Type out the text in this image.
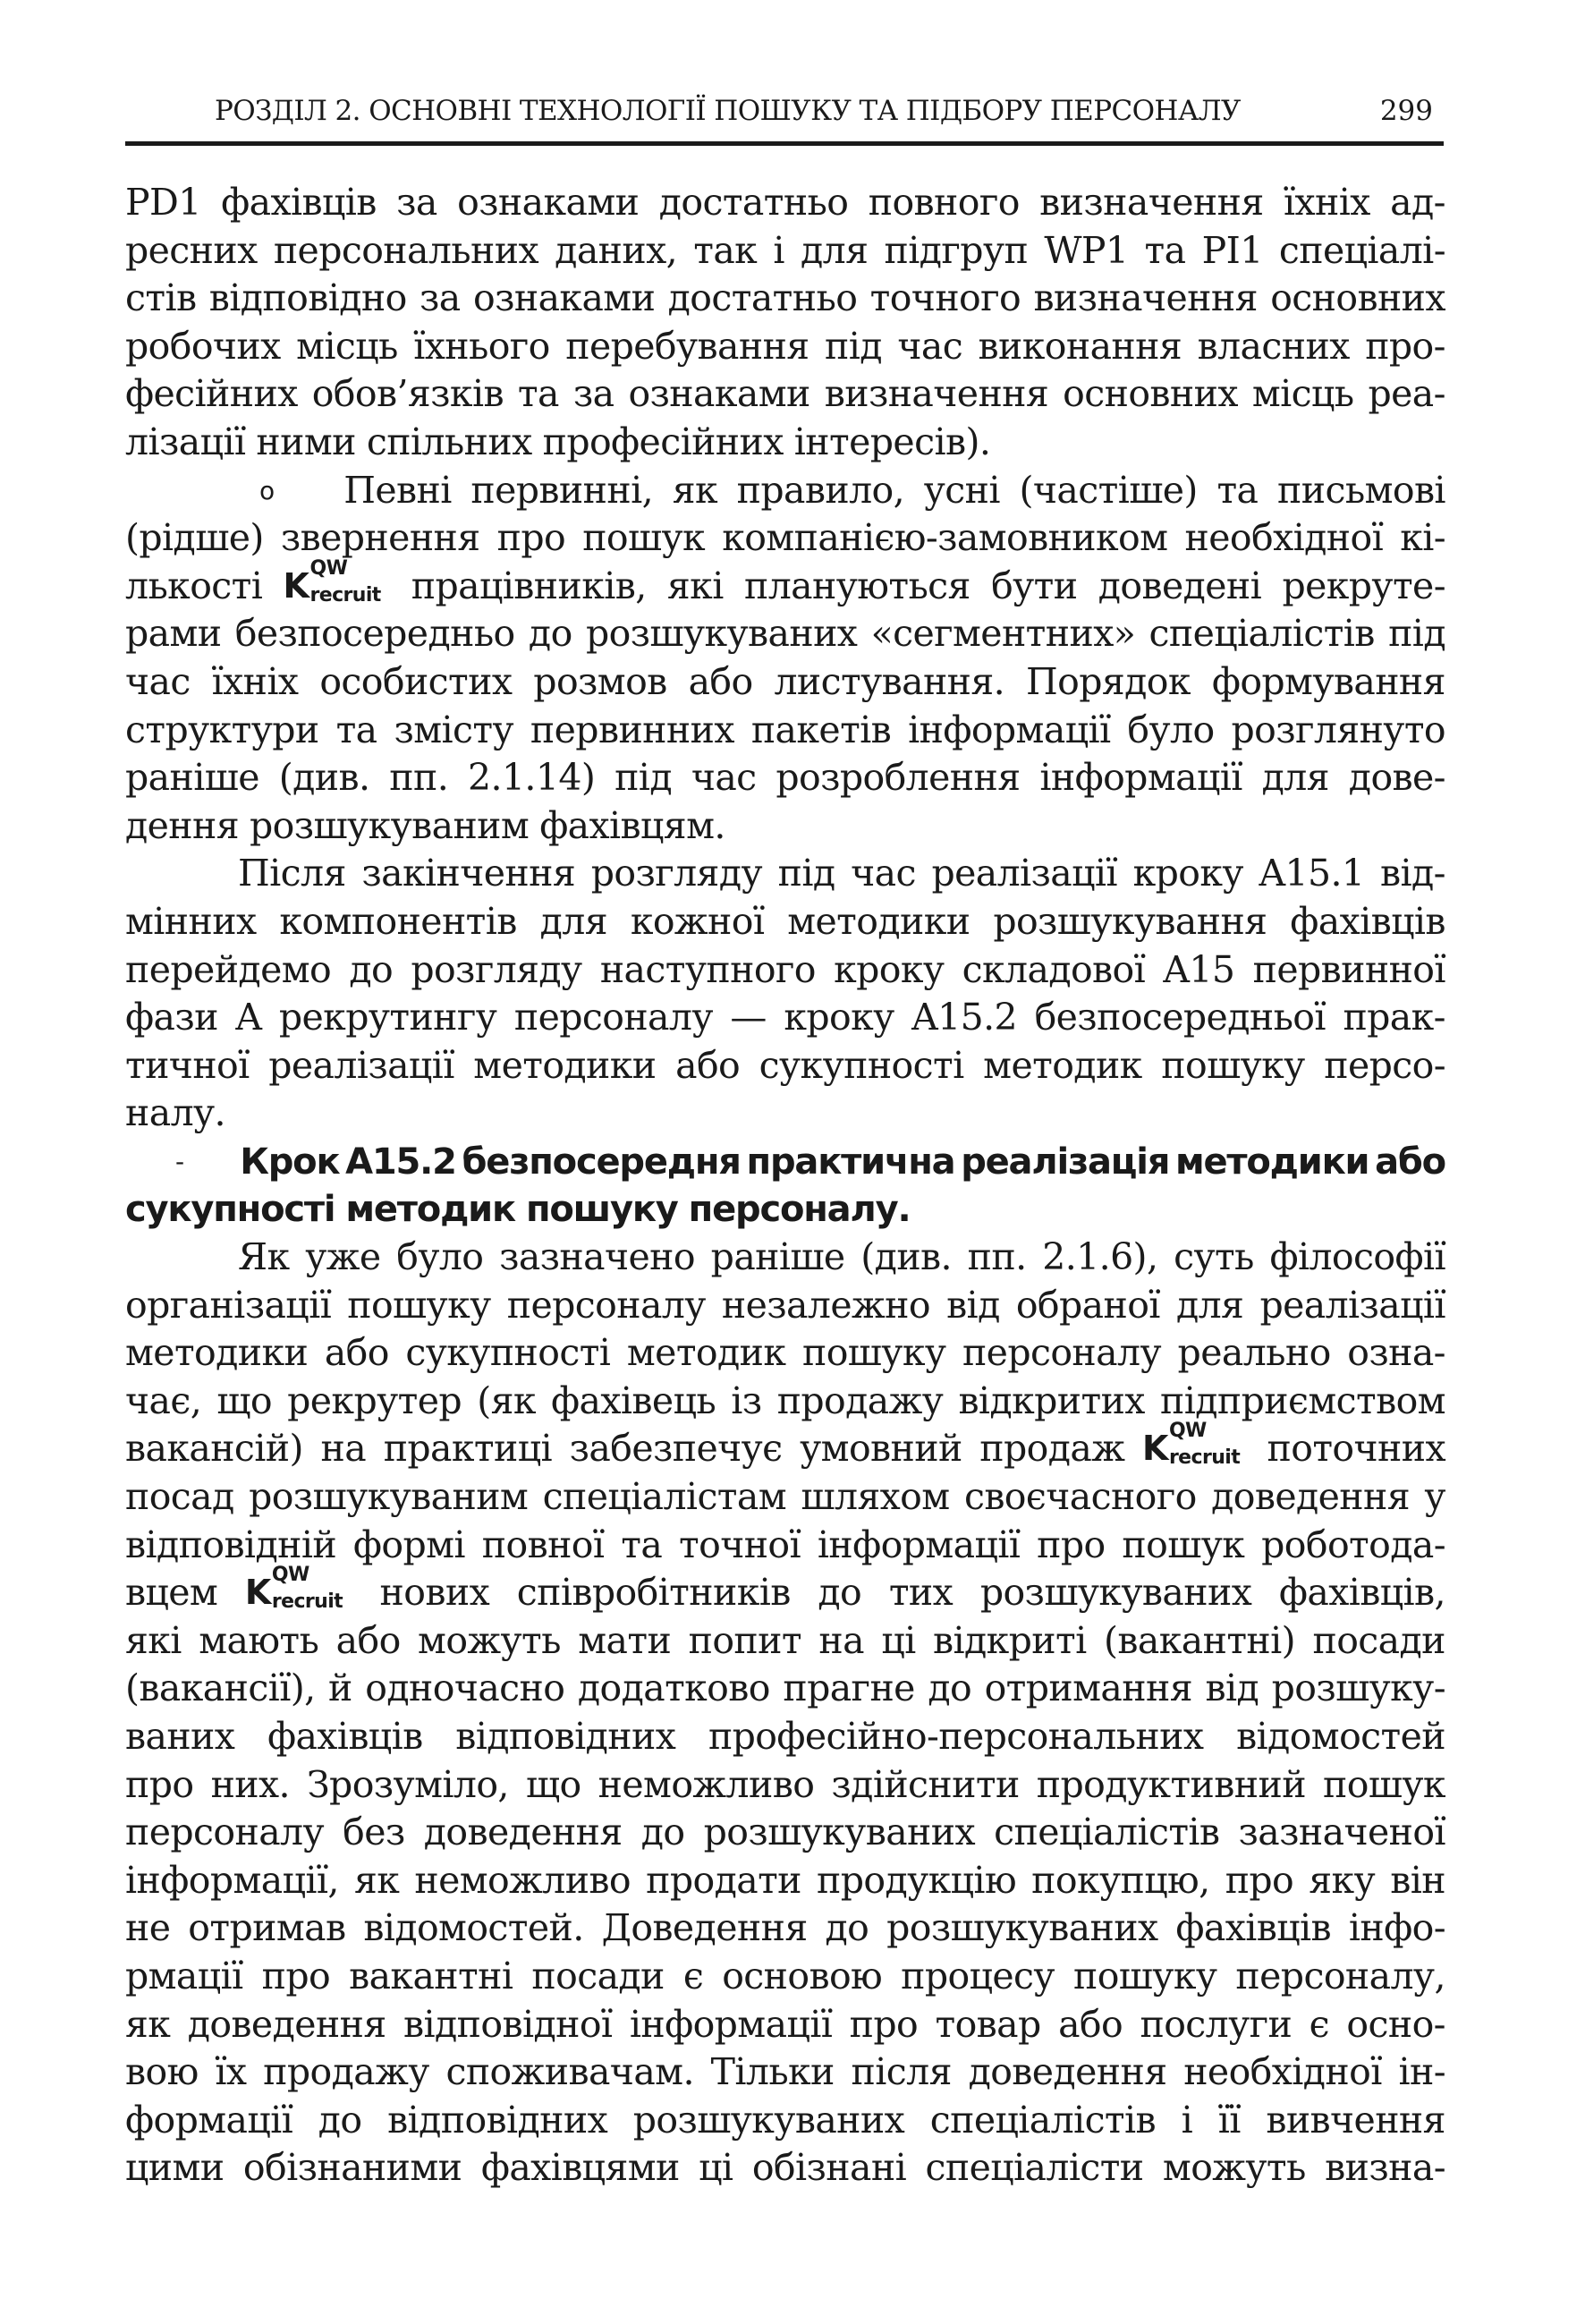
РОЗДІЛ 2. ОСНОВНІ ТЕХНОЛОГІЇ ПОШУКУ ТА ПІДБОРУ ПЕРСОНАЛУ	299
PD1 фахівців за ознаками достатньо повного визначення їхніх ад-
ресних персональних даних, так і для підгруп WP1 та PI1 спеціалі-
стів відповідно за ознаками достатньо точного визначення основних
робочих місць їхнього перебування під час виконання власних про-
фесійних обов’язків та за ознаками визначення основних місць реа-
лізації ними спільних професійних інтересів).
o Певні первинні, як правило, усні (частіше) та письмові
(рідше) звернення про пошук компанією-замовником необхідної кі-
лькості K QW
recruit працівників, які плануються бути доведені рекруте-
рами безпосередньо до розшукуваних «сегментних» спеціалістів під
час їхніх особистих розмов або листування. Порядок формування
структури та змісту первинних пакетів інформації було розглянуто
раніше (див. пп. 2.1.14) під час розроблення інформації для дове-
дення розшукуваним фахівцям.
Після закінчення розгляду під час реалізації кроку A15.1 від-
мінних компонентів для кожної методики розшукування фахівців
перейдемо до розгляду наступного кроку складової A15 первинної
фази A рекрутингу персоналу — кроку A15.2 безпосередньої прак-
тичної реалізації методики або сукупності методик пошуку персо-
налу.
- Крок A15.2 безпосередня практична реалізація методики або
сукупності методик пошуку персоналу.
Як уже було зазначено раніше (див. пп. 2.1.6), суть філософії
організації пошуку персоналу незалежно від обраної для реалізації
методики або сукупності методик пошуку персоналу реально озна-
чає, що рекрутер (як фахівець із продажу відкритих підприємством
вакансій) на практиці забезпечує умовний продаж K QW
recruit поточних
посад розшукуваним спеціалістам шляхом своєчасного доведення у
відповідній формі повної та точної інформації про пошук роботода-
вцем K QW
recruit нових співробітників до тих розшукуваних фахівців,
які мають або можуть мати попит на ці відкриті (вакантні) посади
(вакансії), й одночасно додатково прагне до отримання від розшуку-
ваних фахівців відповідних професійно-персональних відомостей
про них. Зрозуміло, що неможливо здійснити продуктивний пошук
персоналу без доведення до розшукуваних спеціалістів зазначеної
інформації, як неможливо продати продукцію покупцю, про яку він
не отримав відомостей. Доведення до розшукуваних фахівців інфо-
рмації про вакантні посади є основою процесу пошуку персоналу,
як доведення відповідної інформації про товар або послуги є осно-
вою їх продажу споживачам. Тільки після доведення необхідної ін-
формації до відповідних розшукуваних спеціалістів і її вивчення
цими обізнаними фахівцями ці обізнані спеціалісти можуть визна-
